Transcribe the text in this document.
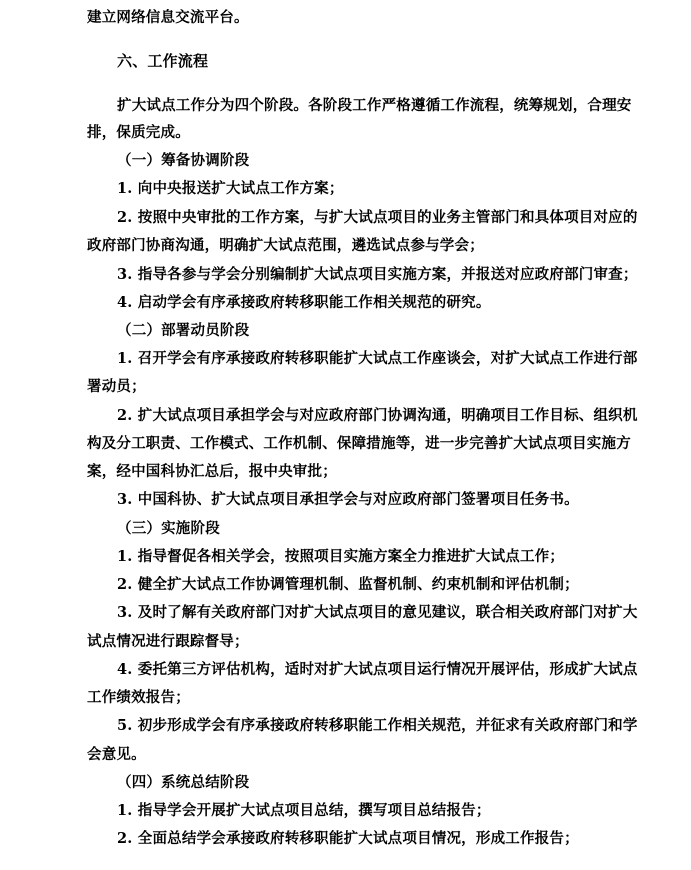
建立网络信息交流平台。
六、工作流程
扩大试点工作分为四个阶段。各阶段工作严格遵循工作流程，统筹规划，合理安
排，保质完成。
（一）筹备协调阶段
1. 向中央报送扩大试点工作方案；
2. 按照中央审批的工作方案，与扩大试点项目的业务主管部门和具体项目对应的
政府部门协商沟通，明确扩大试点范围，遴选试点参与学会；
3. 指导各参与学会分别编制扩大试点项目实施方案，并报送对应政府部门审查；
4. 启动学会有序承接政府转移职能工作相关规范的研究。
（二）部署动员阶段
1. 召开学会有序承接政府转移职能扩大试点工作座谈会，对扩大试点工作进行部
署动员；
2. 扩大试点项目承担学会与对应政府部门协调沟通，明确项目工作目标、组织机
构及分工职责、工作模式、工作机制、保障措施等，进一步完善扩大试点项目实施方
案，经中国科协汇总后，报中央审批；
3. 中国科协、扩大试点项目承担学会与对应政府部门签署项目任务书。
（三）实施阶段
1. 指导督促各相关学会，按照项目实施方案全力推进扩大试点工作；
2. 健全扩大试点工作协调管理机制、监督机制、约束机制和评估机制；
3. 及时了解有关政府部门对扩大试点项目的意见建议，联合相关政府部门对扩大
试点情况进行跟踪督导；
4. 委托第三方评估机构，适时对扩大试点项目运行情况开展评估，形成扩大试点
工作绩效报告；
5. 初步形成学会有序承接政府转移职能工作相关规范，并征求有关政府部门和学
会意见。
（四）系统总结阶段
1. 指导学会开展扩大试点项目总结，撰写项目总结报告；
2. 全面总结学会承接政府转移职能扩大试点项目情况，形成工作报告；
